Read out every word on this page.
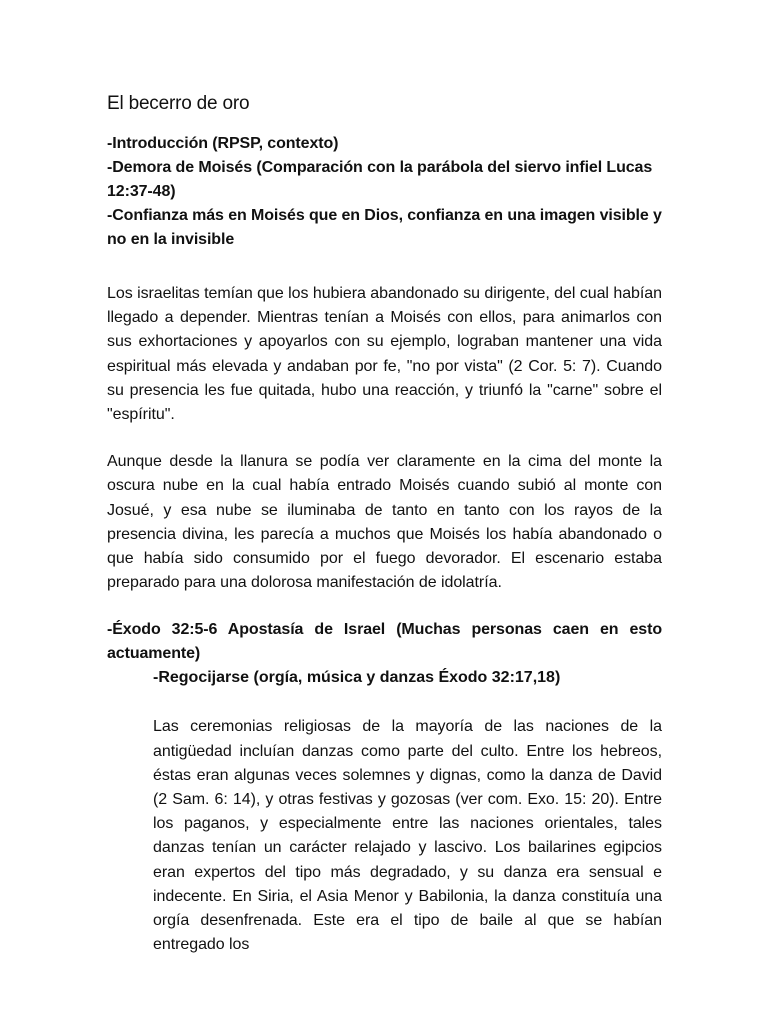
El becerro de oro

-Introducción (RPSP, contexto)

-Demora de Moisés (Comparación con la parábola del siervo infiel Lucas 12:37-48)

-Confianza más en Moisés que en Dios, confianza en una imagen visible y no en la invisible

Los israelitas temían que los hubiera abandonado su dirigente, del cual habían llegado a depender. Mientras tenían a Moisés con ellos, para animarlos con sus exhortaciones y apoyarlos con su ejemplo, lograban mantener una vida espiritual más elevada y andaban por fe, "no por vista" (2 Cor. 5: 7). Cuando su presencia les fue quitada, hubo una reacción, y triunfó la "carne" sobre el "espíritu".

Aunque desde la llanura se podía ver claramente en la cima del monte la oscura nube en la cual había entrado Moisés cuando subió al monte con Josué, y esa nube se iluminaba de tanto en tanto con los rayos de la presencia divina, les parecía a muchos que Moisés los había abandonado o que había sido consumido por el fuego devorador. El escenario estaba preparado para una dolorosa manifestación de idolatría.

-Éxodo 32:5-6 Apostasía de Israel (Muchas personas caen en esto actuamente)

-Regocijarse (orgía, música y danzas Éxodo 32:17,18)

Las ceremonias religiosas de la mayoría de las naciones de la antigüedad incluían danzas como parte del culto. Entre los hebreos, éstas eran algunas veces solemnes y dignas, como la danza de David (2 Sam. 6: 14), y otras festivas y gozosas (ver com. Exo. 15: 20). Entre los paganos, y especialmente entre las naciones orientales, tales danzas tenían un carácter relajado y lascivo. Los bailarines egipcios eran expertos del tipo más degradado, y su danza era sensual e indecente. En Siria, el Asia Menor y Babilonia, la danza constituía una orgía desenfrenada. Este era el tipo de baile al que se habían entregado los
